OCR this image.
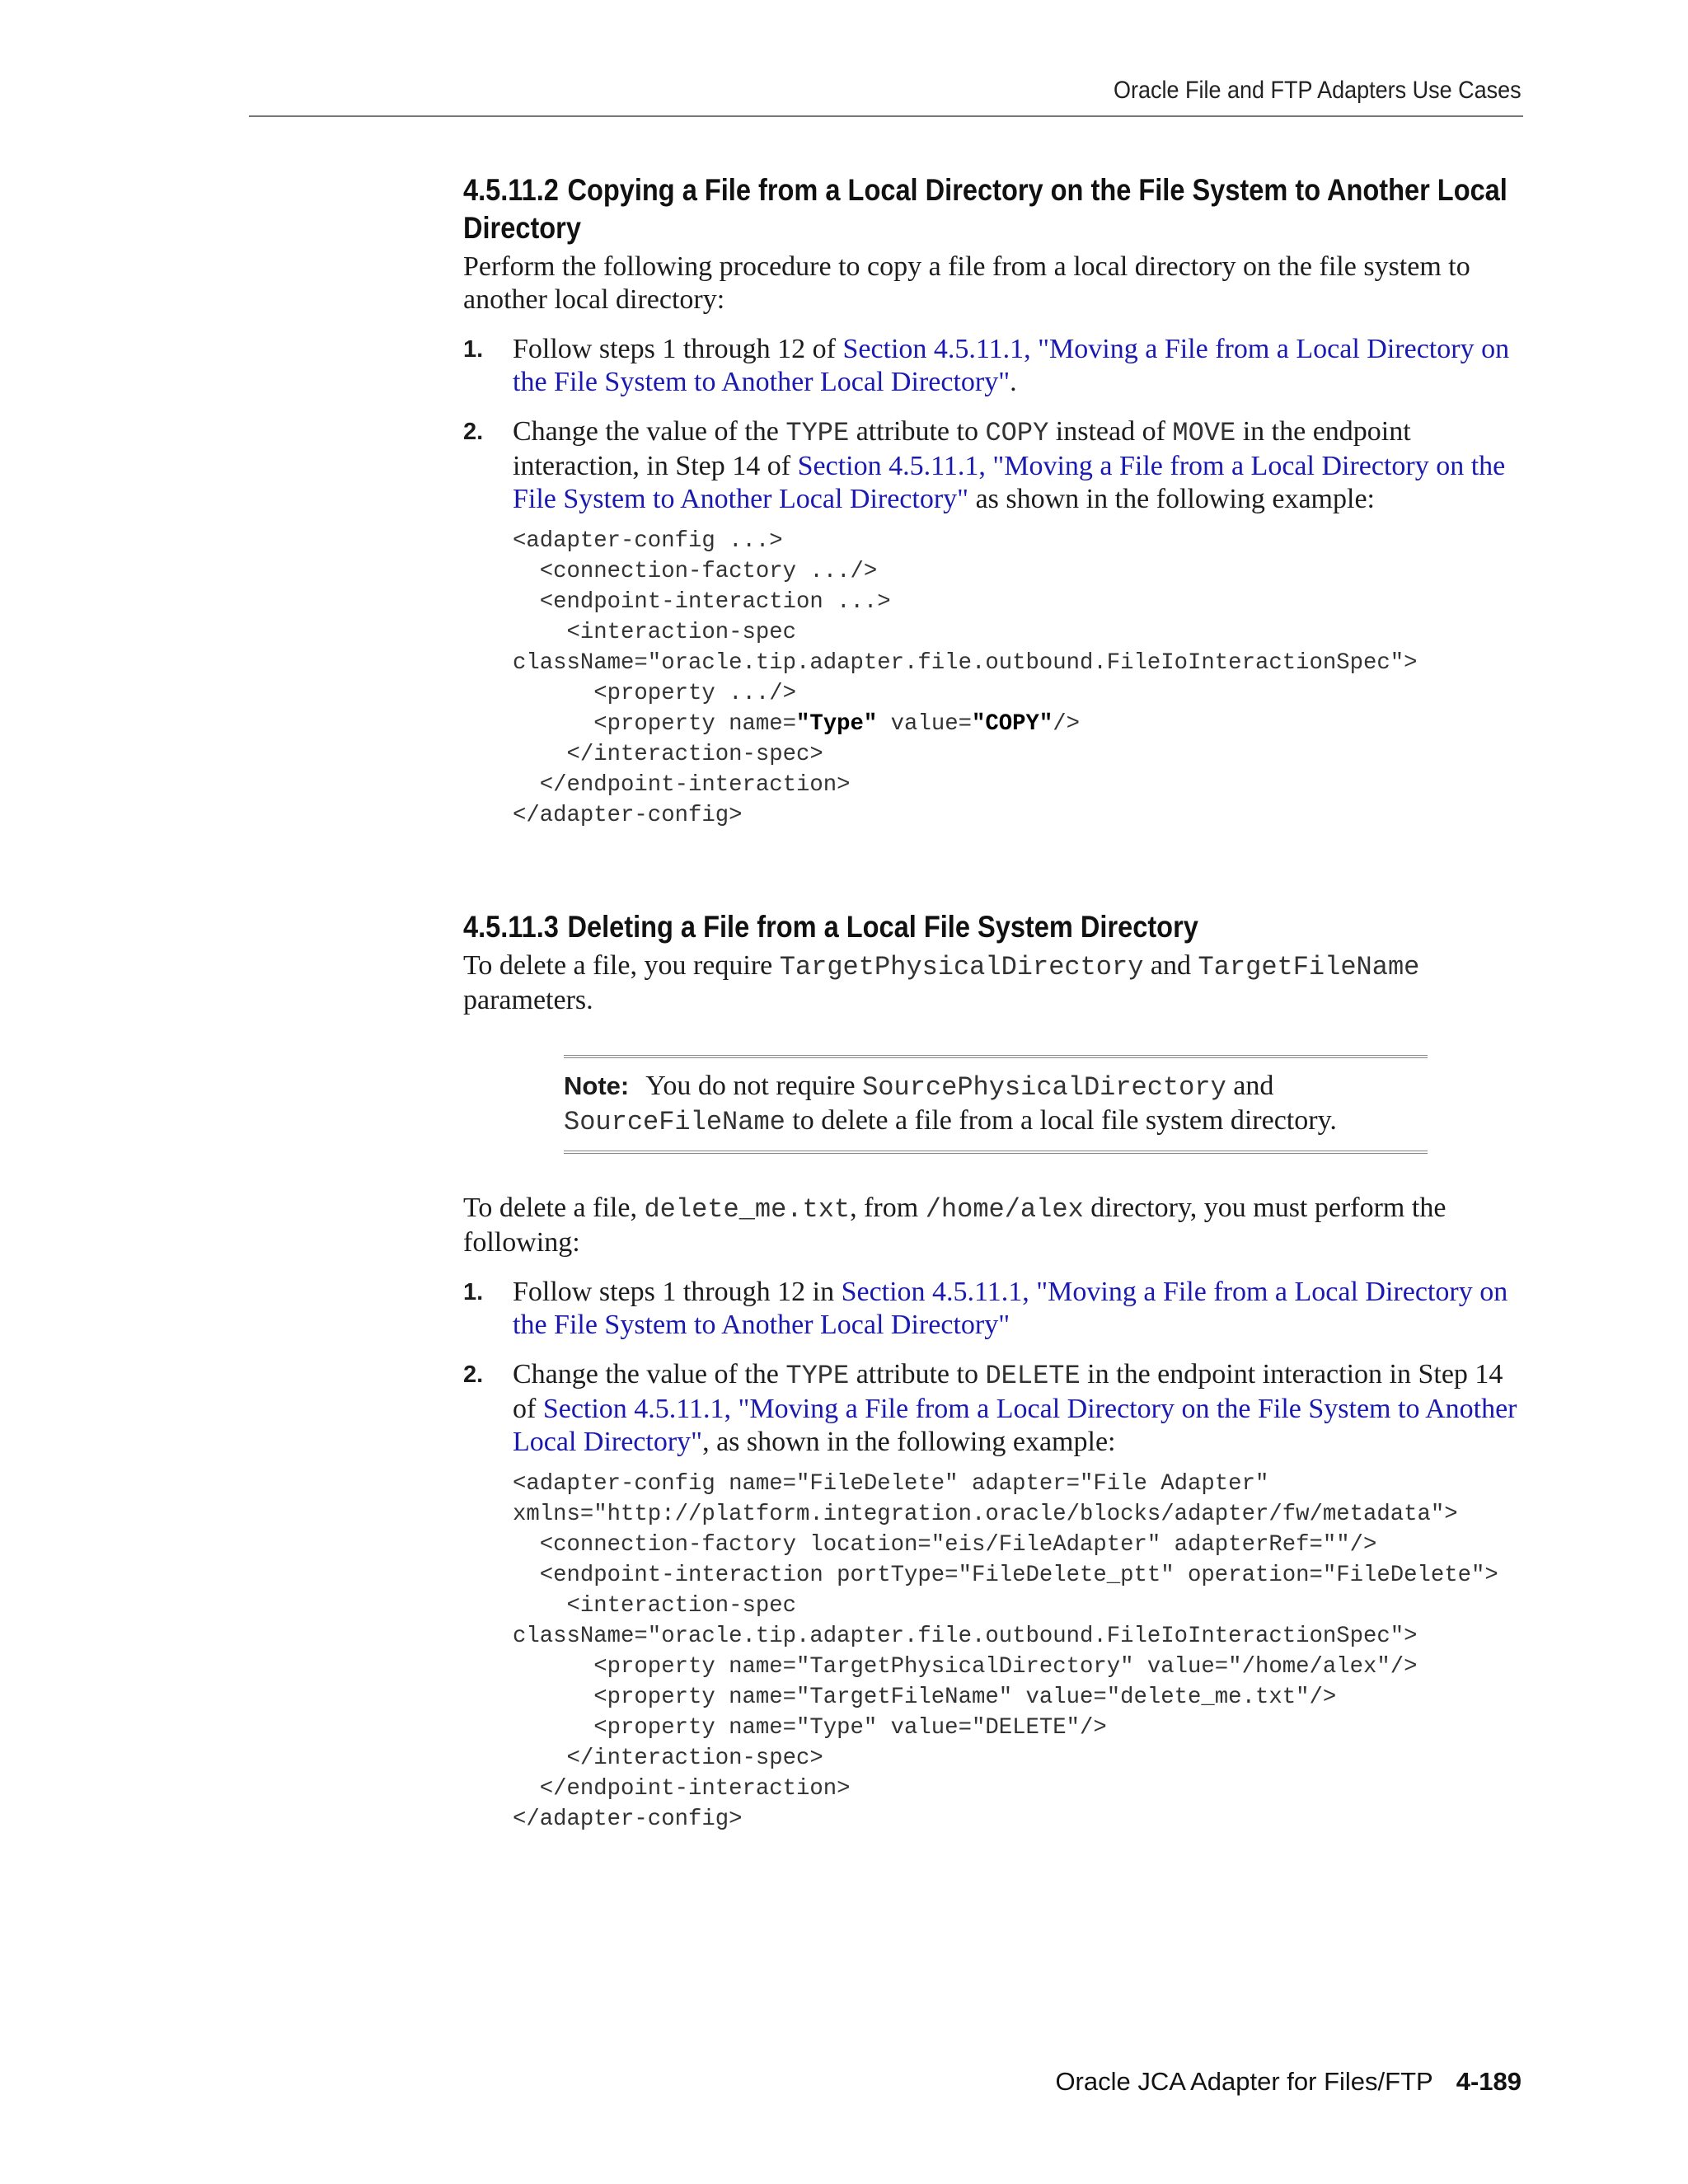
Oracle File and FTP Adapters Use Cases
4.5.11.2 Copying a File from a Local Directory on the File System to Another Local Directory

Perform the following procedure to copy a file from a local directory on the file system to another local directory:

1. Follow steps 1 through 12 of Section 4.5.11.1, "Moving a File from a Local Directory on the File System to Another Local Directory".
2. Change the value of the TYPE attribute to COPY instead of MOVE in the endpoint interaction, in Step 14 of Section 4.5.11.1, "Moving a File from a Local Directory on the File System to Another Local Directory" as shown in the following example:
<adapter-config ...>
<connection-factory .../>
<endpoint-interaction ...>
<interaction-spec
className="oracle.tip.adapter.file.outbound.FileIoInteractionSpec">
<property .../>
<property name="Type" value="COPY"/>
</interaction-spec>
</endpoint-interaction>
</adapter-config>
4.5.11.3 Deleting a File from a Local File System Directory

To delete a file, you require TargetPhysicalDirectory and TargetFileName parameters.

Note: You do not require SourcePhysicalDirectory and SourceFileName to delete a file from a local file system directory.

To delete a file, delete_me.txt, from /home/alex directory, you must perform the following:

1. Follow steps 1 through 12 in Section 4.5.11.1, "Moving a File from a Local Directory on the File System to Another Local Directory"
2. Change the value of the TYPE attribute to DELETE in the endpoint interaction in Step 14 of Section 4.5.11.1, "Moving a File from a Local Directory on the File System to Another Local Directory", as shown in the following example:
<adapter-config name="FileDelete" adapter="File Adapter"
xmlns="http://platform.integration.oracle/blocks/adapter/fw/metadata">
<connection-factory location="eis/FileAdapter" adapterRef=""/>
<endpoint-interaction portType="FileDelete_ptt" operation="FileDelete">
<interaction-spec
className="oracle.tip.adapter.file.outbound.FileIoInteractionSpec">
<property name="TargetPhysicalDirectory" value="/home/alex"/>
<property name="TargetFileName" value="delete_me.txt"/>
<property name="Type" value="DELETE"/>
</interaction-spec>
</endpoint-interaction>
</adapter-config>
Oracle JCA Adapter for Files/FTP 4-189
